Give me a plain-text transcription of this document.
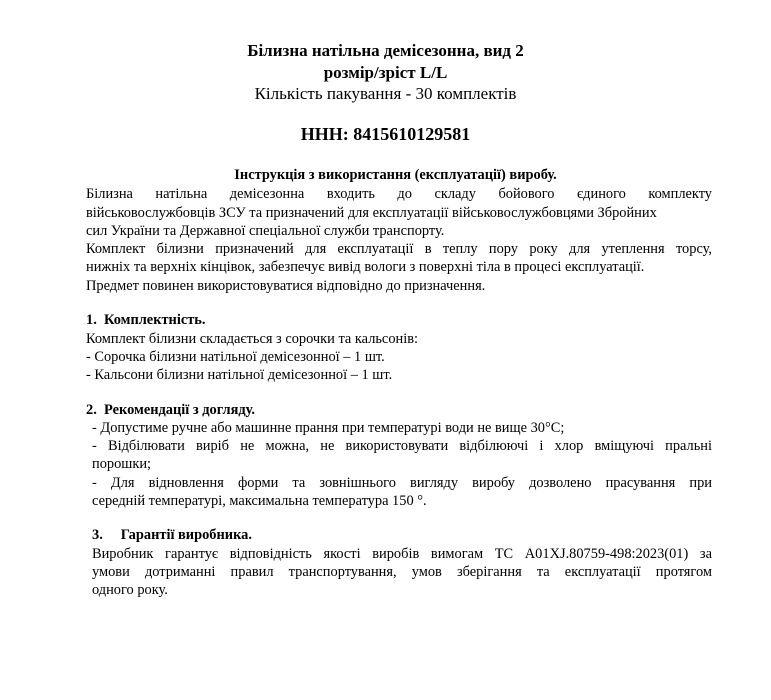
Білизна натільна демісезонна, вид 2
розмір/зріст L/L
Кількість пакування - 30 комплектів
ННН: 8415610129581
Інструкція з використання (експлуатації) виробу.
Білизна натільна демісезонна входить до складу бойового єдиного комплекту
військовослужбовців ЗСУ та призначений для експлуатації військовослужбовцями Збройних
сил України та Державної спеціальної служби транспорту.
Комплект білизни призначений для експлуатації в теплу пору року для утеплення торсу,
нижніх та верхніх кінцівок, забезпечує вивід вологи з поверхні тіла в процесі експлуатації.
Предмет повинен використовуватися відповідно до призначення.
1. Комплектність.
Комплект білизни складається з сорочки та кальсонів:
- Сорочка білизни натільної демісезонної – 1 шт.
- Кальсони білизни натільної демісезонної – 1 шт.
2. Рекомендації з догляду.
- Допустиме ручне або машинне прання при температурі води не вище 30°С;
- Відбілювати виріб не можна, не використовувати відбілюючі і хлор вміщуючі пральні
порошки;
- Для відновлення форми та зовнішнього вигляду виробу дозволено прасування при
середній температурі, максимальна температура 150 °.
3. Гарантії виробника.
Виробник гарантує відповідність якості виробів вимогам ТС А01XJ.80759-498:2023(01) за
умови дотриманні правил транспортування, умов зберігання та експлуатації протягом
одного року.
